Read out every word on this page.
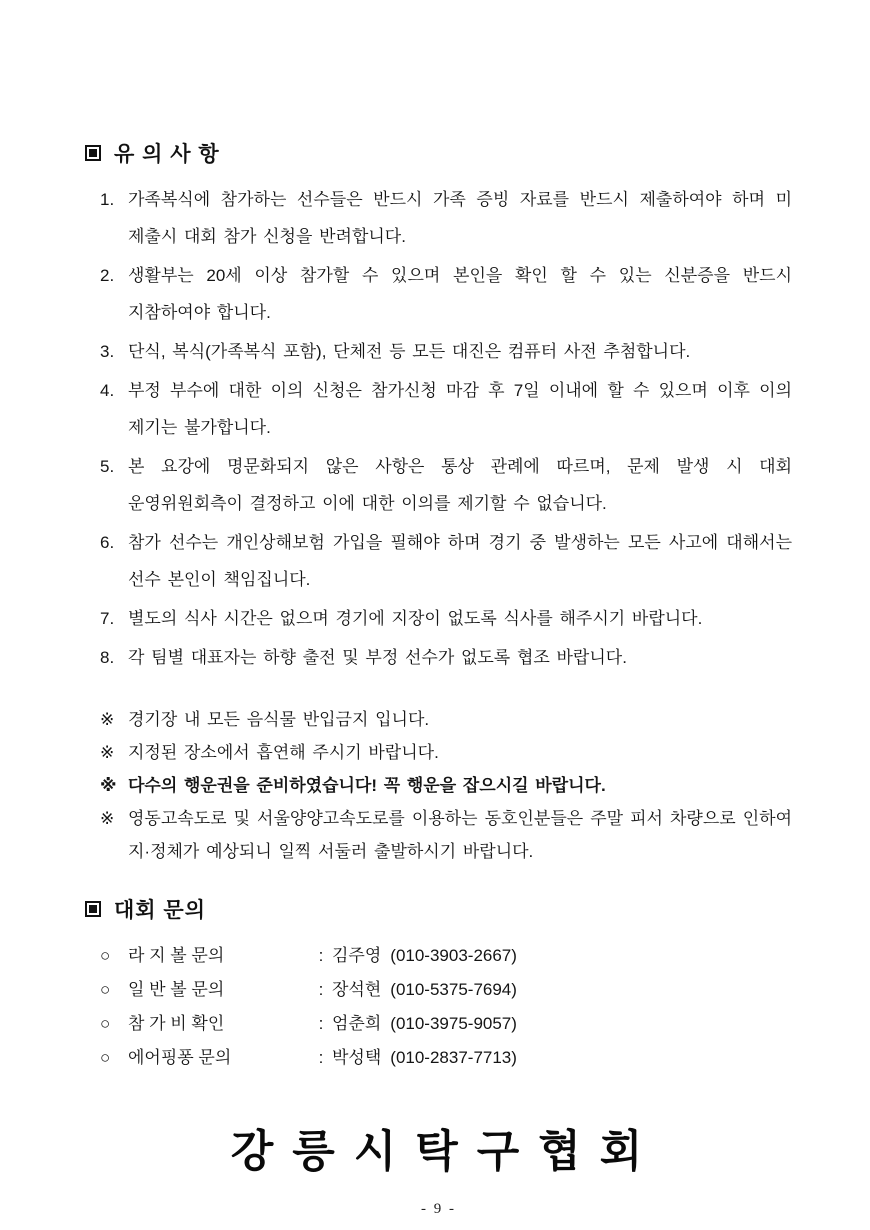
유 의 사 항
1. 가족복식에 참가하는 선수들은 반드시 가족 증빙 자료를 반드시 제출하여야 하며 미 제출시 대회 참가 신청을 반려합니다.
2. 생활부는 20세 이상 참가할 수 있으며 본인을 확인 할 수 있는 신분증을 반드시 지참하여야 합니다.
3. 단식, 복식(가족복식 포함), 단체전 등 모든 대진은 컴퓨터 사전 추첨합니다.
4. 부정 부수에 대한 이의 신청은 참가신청 마감 후 7일 이내에 할 수 있으며 이후 이의 제기는 불가합니다.
5. 본 요강에 명문화되지 않은 사항은 통상 관례에 따르며, 문제 발생 시 대회 운영위원회측이 결정하고 이에 대한 이의를 제기할 수 없습니다.
6. 참가 선수는 개인상해보험 가입을 필해야 하며 경기 중 발생하는 모든 사고에 대해서는 선수 본인이 책임집니다.
7. 별도의 식사 시간은 없으며 경기에 지장이 없도록 식사를 해주시기 바랍니다.
8. 각 팀별 대표자는 하향 출전 및 부정 선수가 없도록 협조 바랍니다.
※ 경기장 내 모든 음식물 반입금지 입니다.
※ 지정된 장소에서 흡연해 주시기 바랍니다.
※ 다수의 행운권을 준비하였습니다! 꼭 행운을 잡으시길 바랍니다.
※ 영동고속도로 및 서울양양고속도로를 이용하는 동호인분들은 주말 피서 차량으로 인하여 지·정체가 예상되니 일찍 서둘러 출발하시기 바랍니다.
대회 문의
○	라 지 볼 문의	: 김주영 (010-3903-2667)
○	일 반 볼 문의	: 장석현 (010-5375-7694)
○	참 가 비 확인	: 엄춘희 (010-3975-9057)
○	에어핑퐁 문의	: 박성택 (010-2837-7713)
강 릉 시 탁 구 협 회
- 9 -
